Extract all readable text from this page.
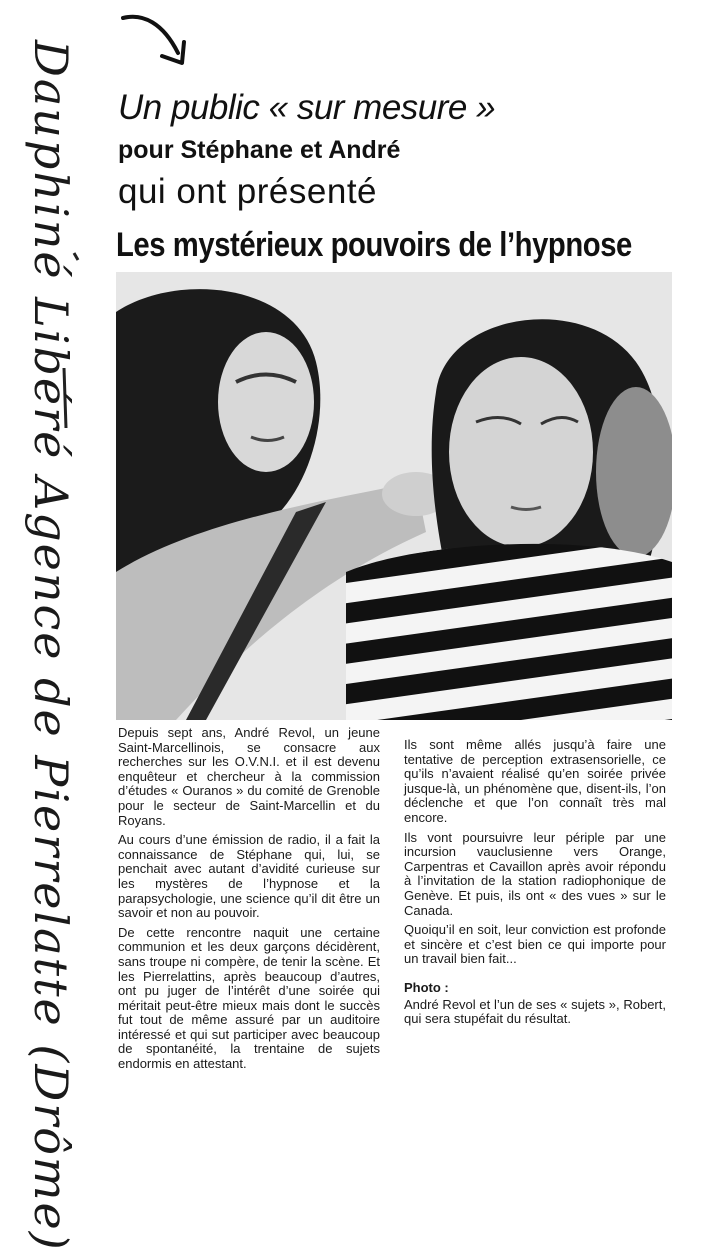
Dauphiné Libéré Agence de Pierrelatte (Drôme) Un public « sur mesure »
pour Stéphane et André
qui ont présenté
Les mystérieux pouvoirs de l’hypnose

Depuis sept ans, André Revol, un jeune Saint-Marcellinois, se consacre aux recherches sur les O.V.N.I. et il est devenu enquêteur et chercheur à la commission d’études « Ouranos » du comité de Grenoble pour le secteur de Saint-Marcellin et du Royans.

Au cours d’une émission de radio, il a fait la connaissance de Stéphane qui, lui, se penchait avec autant d’avidité curieuse sur les mystères de l’hypnose et la parapsychologie, une science qu’il dit être un savoir et non au pouvoir.

De cette rencontre naquit une certaine communion et les deux garçons décidèrent, sans troupe ni compère, de tenir la scène. Et les Pierrelattins, après beaucoup d’autres, ont pu juger de l’intérêt d’une soirée qui méritait peut-être mieux mais dont le succès fut tout de même assuré par un auditoire intéressé et qui sut participer avec beaucoup de spontanéité, la trentaine de sujets endormis en attestant.

Ils sont même allés jusqu’à faire une tentative de perception extrasensorielle, ce qu’ils n’avaient réalisé qu’en soirée privée jusque-là, un phénomène que, disent-ils, l’on déclenche et que l’on connaît très mal encore.

Ils vont poursuivre leur périple par une incursion vauclusienne vers Orange, Carpentras et Cavaillon après avoir répondu à l’invitation de la station radiophonique de Genève. Et puis, ils ont « des vues » sur le Canada.

Quoiqu’il en soit, leur conviction est profonde et sincère et c’est bien ce qui importe pour un travail bien fait...

Photo :

André Revol et l’un de ses « sujets », Robert, qui sera stupéfait du résultat.
